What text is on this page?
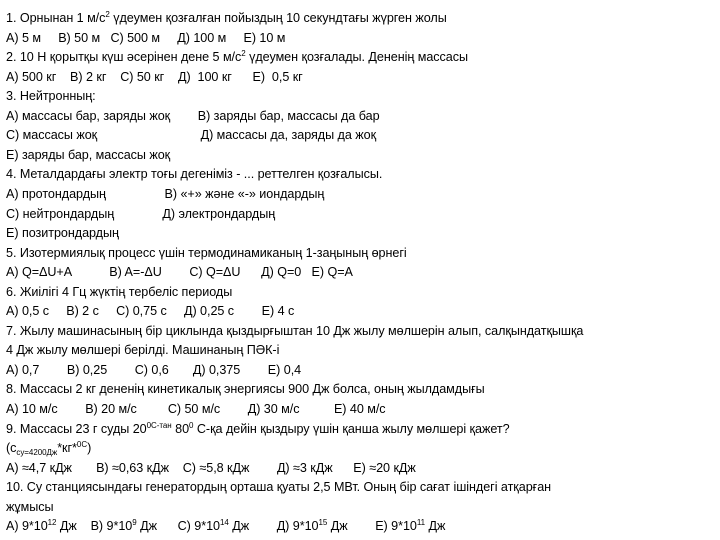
1. Орнынан 1 $м/с^2$ үдеумен қозғалған пойыздың 10 секундтағы жүрген жолы
A) 5 м     B) 50 м   C) 500 м     Д) 100 м     E) 10 м
2. 10 Н қорытқы күш әсерінен дене 5 $м/с^2$ үдеумен қозғалады. Дененің массасы
A) 500 кг    B) 2 кг    C) 50 кг    Д)  100 кг      E)  0,5 кг
3. Нейтронның:
A) массасы бар, заряды жоқ        B) заряды бар, массасы да бар
C) массасы жоқ                              Д) массасы да, заряды да жоқ
E) заряды бар, массасы жоқ
4. Металдардағы электр тоғы дегеніміз - ... реттелген қозғалысы.
A) протондардың                 B) «+» және «-» иондардың
C) нейтрондардың              Д) электрондардың
E) позитрондардың
5. Изотермиялық процесс үшін термодинамиканың 1-заңының өрнегі
A) Q=ΔU+A           B) A=-ΔU        C) Q=ΔU      Д) Q=0   E) Q=A
6. Жиілігі 4 Гц жүктің тербеліс периоды
A) 0,5 с     B) 2 с     C) 0,75 с     Д) 0,25 с        E) 4 с
7. Жылу машинасының бір циклында қыздырғыштан 10 Дж жылу мөлшерін алып, салқындатқышқа
4 Дж жылу мөлшері берілді. Машинаның ПӘК-і
A) 0,7        B) 0,25        C) 0,6       Д) 0,375        E) 0,4
8. Массасы 2 кг дененің кинетикалық энергиясы 900 Дж болса, оның жылдамдығы
A) 10 м/с        B) 20 м/с         C) 50 м/с        Д) 30 м/с          E) 40 м/с
9. Массасы 23 г суды $20^{0С-тан}$ $80^0$ С-қа дейін қыздыру үшін қанша жылу мөлшері қажет?
$(c_{су=4200Дж}*кг*^{0С})$
A) ≈4,7 кДж       B) ≈0,63 кДж    C) ≈5,8 кДж        Д) ≈3 кДж      E) ≈20 кДж
10. Су станциясындағы генератордың орташа қуаты 2,5 МВт. Оның бір сағат ішіндегі атқарған
жұмысы
A) $9*10^{12}$ Дж    B) $9*10^9$ Дж      C) $9*10^{14}$ Дж        Д) $9*10^{15}$ Дж        E) $9*10^{11}$ Дж
